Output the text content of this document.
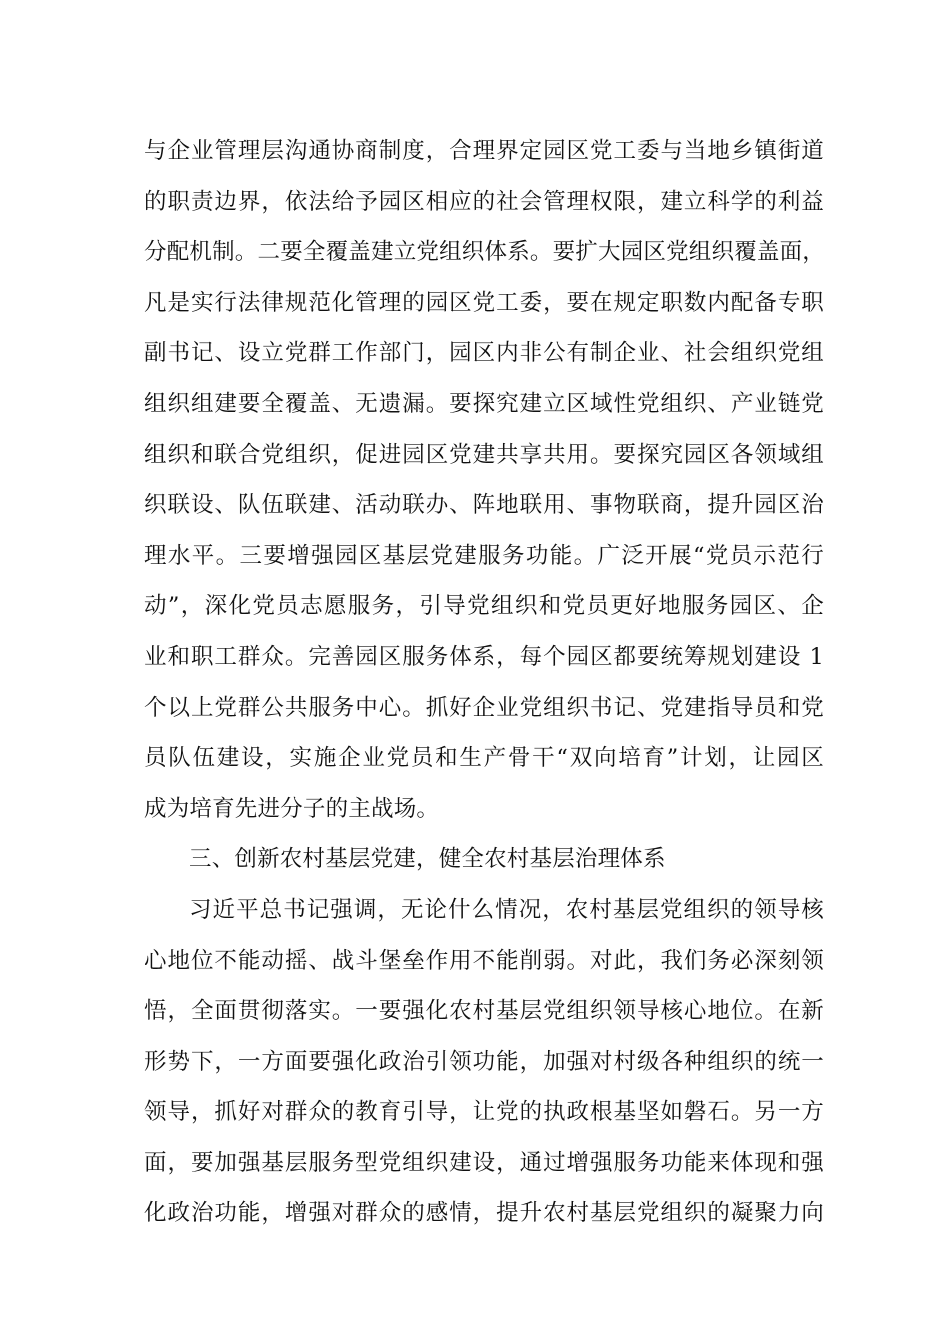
与企业管理层沟通协商制度，合理界定园区党工委与当地乡镇街道
的职责边界，依法给予园区相应的社会管理权限，建立科学的利益
分配机制。二要全覆盖建立党组织体系。要扩大园区党组织覆盖面，
凡是实行法律规范化管理的园区党工委，要在规定职数内配备专职
副书记、设立党群工作部门，园区内非公有制企业、社会组织党组
组织组建要全覆盖、无遗漏。要探究建立区域性党组织、产业链党
组织和联合党组织，促进园区党建共享共用。要探究园区各领域组
织联设、队伍联建、活动联办、阵地联用、事物联商，提升园区治
理水平。三要增强园区基层党建服务功能。广泛开展“党员示范行
动”，深化党员志愿服务，引导党组织和党员更好地服务园区、企
业和职工群众。完善园区服务体系，每个园区都要统筹规划建设 1
个以上党群公共服务中心。抓好企业党组织书记、党建指导员和党
员队伍建设，实施企业党员和生产骨干“双向培育”计划，让园区
成为培育先进分子的主战场。
三、创新农村基层党建，健全农村基层治理体系
习近平总书记强调，无论什么情况，农村基层党组织的领导核
心地位不能动摇、战斗堡垒作用不能削弱。对此，我们务必深刻领
悟，全面贯彻落实。一要强化农村基层党组织领导核心地位。在新
形势下，一方面要强化政治引领功能，加强对村级各种组织的统一
领导，抓好对群众的教育引导，让党的执政根基坚如磐石。另一方
面，要加强基层服务型党组织建设，通过增强服务功能来体现和强
化政治功能，增强对群众的感情，提升农村基层党组织的凝聚力向
